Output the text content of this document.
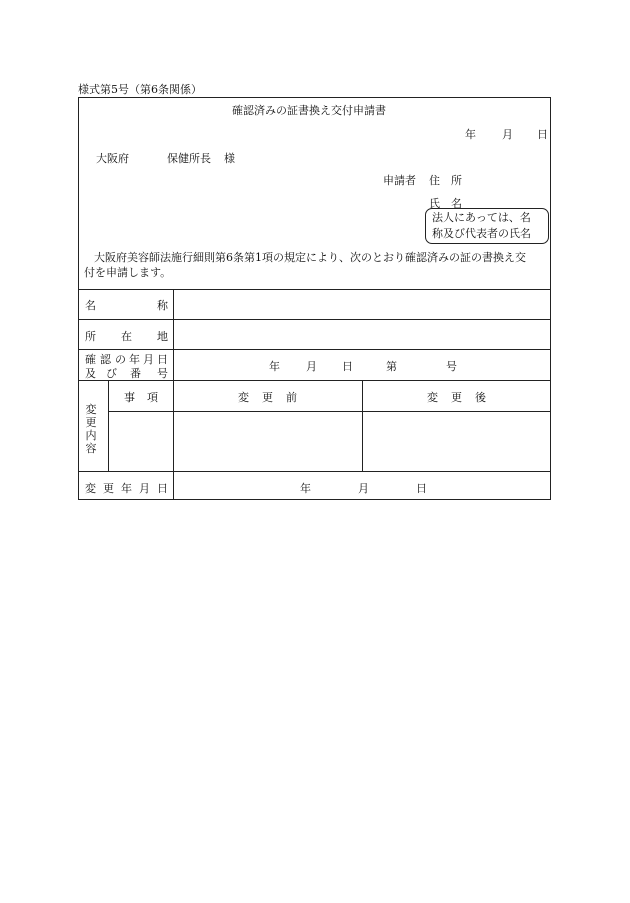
様式第5号（第6条関係）
確認済みの証書換え交付申請書
年 月 日
大阪府	保健所長 様
申請者 住　所
氏　名
法人にあっては、名
称及び代表者の氏名
大阪府美容師法施行細則第6条第1項の規定により、次のとおり確認済みの証の書換え交
付を申請します。
名	称
所 在 地
確 認 の 年 月 日
及 び 番 号
年 月 日	第	号
変
更
内
容
事 項	変 更 前	変 更 後
変 更 年 月 日	年	月	日
